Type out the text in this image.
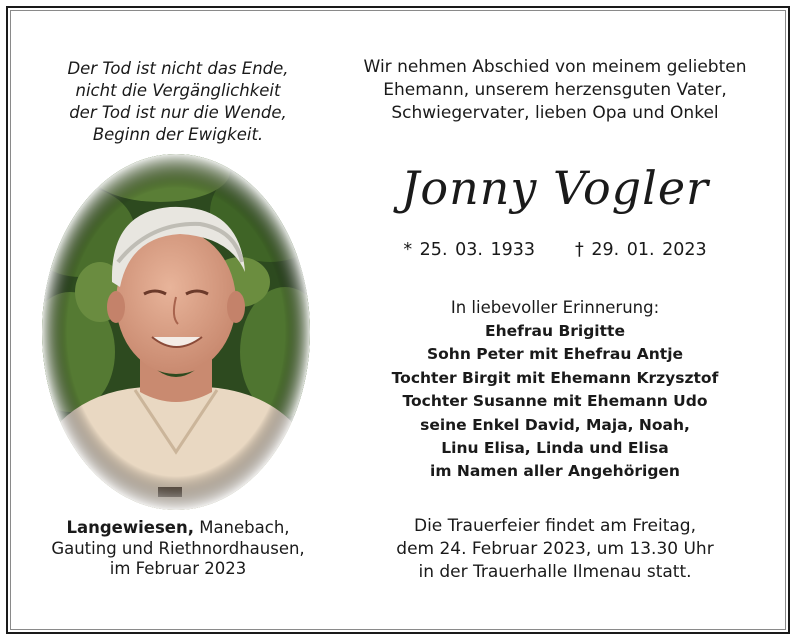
Der Tod ist nicht das Ende,
nicht die Vergänglichkeit
der Tod ist nur die Wende,
Beginn der Ewigkeit.
Langewiesen, Manebach,
Gauting und Riethnordhausen,
im Februar 2023
Wir nehmen Abschied von meinem geliebten
Ehemann, unserem herzensguten Vater,
Schwiegervater, lieben Opa und Onkel
Jonny Vogler
* 25. 03. 1933 † 29. 01. 2023
In liebevoller Erinnerung:
Ehefrau Brigitte
Sohn Peter mit Ehefrau Antje
Tochter Birgit mit Ehemann Krzysztof
Tochter Susanne mit Ehemann Udo
seine Enkel David, Maja, Noah,
Linu Elisa, Linda und Elisa
im Namen aller Angehörigen
Die Trauerfeier findet am Freitag,
dem 24. Februar 2023, um 13.30 Uhr
in der Trauerhalle Ilmenau statt.
